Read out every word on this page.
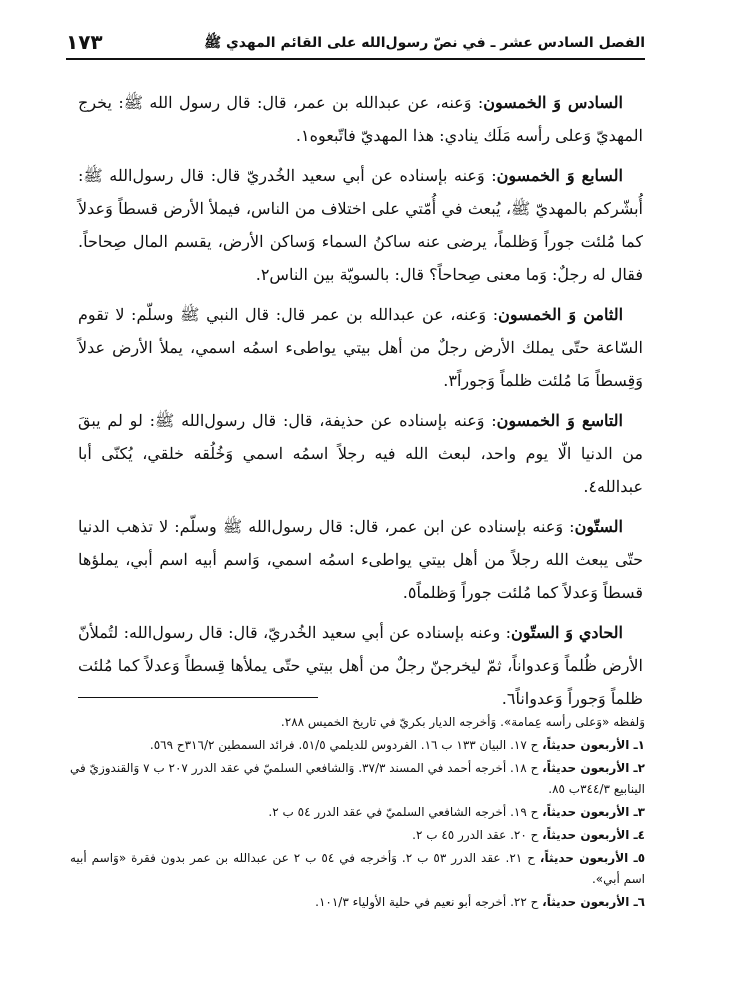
الفصل السادس عشر ـ في نصّ رسول‌الله على القائم المهدي ﷺ
١٧٣

السادس وَ الخمسون: وَعنه، عن عبدالله بن عمر، قال: قال رسول الله ﷺ: يخرج المهديّ وَعلى رأسه مَلَك ينادي: هذا المهديّ فاتّبعوه١.

السابع وَ الخمسون: وَعنه بإسناده عن أبي سعيد الخُدريّ قال: قال رسول‌الله ﷺ: أُبشّركم بالمهديّ ﷺ، يُبعث في أُمّتي على اختلاف من الناس، فيملأ الأرض قسطاً وَعدلاً كما مُلئت جوراً وَظلماً، يرضى عنه ساكنُ السماء وَساكن الأرض، يقسم المال صِحاحاً. فقال له رجلٌ: وَما معنى صِحاحاً؟ قال: بالسويّة بين الناس٢.

الثامن وَ الخمسون: وَعنه، عن عبدالله بن عمر قال: قال النبي ﷺ وسلّم: لا تقوم السّاعة حتّى يملك الأرض رجلٌ من أهل بيتي يواطىء اسمُه اسمي، يملأ الأرض عدلاً وَقِسطاً مَا مُلئت ظلماً وَجوراً٣.

التاسع وَ الخمسون: وَعنه بإسناده عن حذيفة، قال: قال رسول‌الله ﷺ: لو لم يبقَ من الدنيا الّا يوم واحد، لبعث الله فيه رجلاً اسمُه اسمي وَخُلُقه خلقي، يُكنّى أبا عبدالله٤.

الستّون: وَعنه بإسناده عن ابن عمر، قال: قال رسول‌الله ﷺ وسلّم: لا تذهب الدنيا حتّى يبعث الله رجلاً من أهل بيتي يواطىء اسمُه اسمي، وَاسم أبيه اسم أبي، يملؤها قسطاً وَعدلاً كما مُلئت جوراً وَظلماً٥.

الحادي وَ الستّون: وعنه بإسناده عن أبي سعيد الخُدريّ، قال: قال رسول‌الله: لتُملأنّ الأرض ظُلماً وَعدواناً، ثمّ ليخرجنّ رجلٌ من أهل بيتي حتّى يملأها قِسطاً وَعدلاً كما مُلئت ظلماً وَجوراً وَعدواناً٦.

وَلفظه «وَعلى رأسه عِمامة». وَأخرجه الديار بكريّ في تاريخ الخميس ٢٨٨.

١ـ الأربعون حديثاً، ح ١٧. البيان ١٣٣ ب ١٦. الفردوس للديلمي ٥١/٥. فرائد السمطين ٣١٦/٢ح ٥٦٩.

٢ـ الأربعون حديثاً، ح ١٨. أخرجه أحمد في المسند ٣٧/٣. وَالشافعي السلميّ في عقد الدرر ٢٠٧ ب ٧ وَالقندوزيّ في الينابيع ٣٤٤/٣ب ٨٥.

٣ـ الأربعون حديثاً، ح ١٩. أخرجه الشافعي السلميّ في عقد الدرر ٥٤ ب ٢.

٤ـ الأربعون حديثاً، ح ٢٠. عقد الدرر ٤٥ ب ٢.

٥ـ الأربعون حديثاً، ح ٢١. عقد الدرر ٥٣ ب ٢. وَأخرجه في ٥٤ ب ٢ عن عبدالله بن عمر بدون فقرة «وَاسم أبيه اسم أبي».

٦ـ الأربعون حديثاً، ح ٢٢. أخرجه أبو نعيم في حلية الأولياء ١٠١/٣.
